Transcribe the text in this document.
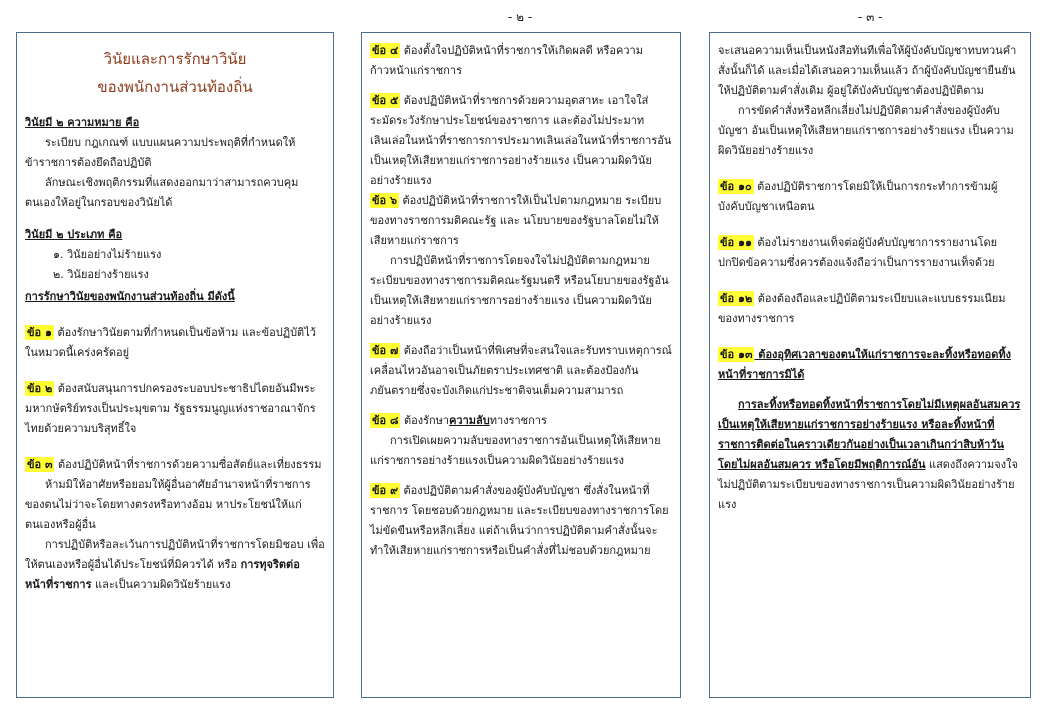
- ๒ -	- ๓ -
วินัยและการรักษาวินัย
ของพนักงานส่วนท้องถิ่น

วินัยมี ๒ ความหมาย คือ

ระเบียบ กฎเกณฑ์ แบบแผนความประพฤติที่กำหนดให้ข้าราชการต้องยึดถือปฏิบัติ

ลักษณะเชิงพฤติกรรมที่แสดงออกมาว่าสามารถควบคุมตนเองให้อยู่ในกรอบของวินัยได้

วินัยมี ๒ ประเภท คือ

๑. วินัยอย่างไม่ร้ายแรง

๒. วินัยอย่างร้ายแรง

การรักษาวินัยของพนักงานส่วนท้องถิ่น มีดังนี้

ข้อ ๑ ต้องรักษาวินัยตามที่กำหนดเป็นข้อห้าม และข้อปฏิบัติไว้ในหมวดนี้เคร่งครัดอยู่

ข้อ ๒ ต้องสนับสนุนการปกครองระบอบประชาธิปไตยอันมีพระมหากษัตริย์ทรงเป็นประมุขตาม รัฐธรรมนูญแห่งราชอาณาจักรไทยด้วยความบริสุทธิ์ใจ

ข้อ ๓ ต้องปฏิบัติหน้าที่ราชการด้วยความซื่อสัตย์และเที่ยงธรรม

ห้ามมิให้อาศัยหรือยอมให้ผู้อื่นอาศัยอำนาจหน้าที่ราชการของตนไม่ว่าจะโดยทางตรงหรือทางอ้อม หาประโยชน์ให้แก่ตนเองหรือผู้อื่น

การปฏิบัติหรือละเว้นการปฏิบัติหน้าที่ราชการโดยมิชอบ เพื่อให้ตนเองหรือผู้อื่นได้ประโยชน์ที่มิควรได้ หรือ การทุจริตต่อหน้าที่ราชการ และเป็นความผิดวินัยร้ายแรง

ข้อ ๔ ต้องตั้งใจปฏิบัติหน้าที่ราชการให้เกิดผลดี หรือความก้าวหน้าแก่ราชการ

ข้อ ๕ ต้องปฏิบัติหน้าที่ราชการด้วยความอุตสาหะ เอาใจใส่ ระมัดระวังรักษาประโยชน์ของราชการ และต้องไม่ประมาทเลินเล่อในหน้าที่ราชการการประมาทเลินเล่อในหน้าที่ราชการอันเป็นเหตุให้เสียหายแก่ราชการอย่างร้ายแรง เป็นความผิดวินัยอย่างร้ายแรง

ข้อ ๖ ต้องปฏิบัติหน้าที่ราชการให้เป็นไปตามกฎหมาย ระเบียบของทางราชการมติคณะรัฐ และ นโยบายของรัฐบาลโดยไม่ให้เสียหายแก่ราชการ

การปฏิบัติหน้าที่ราชการโดยจงใจไม่ปฏิบัติตามกฎหมาย ระเบียบของทางราชการมติคณะรัฐมนตรี หรือนโยบายของรัฐอันเป็นเหตุให้เสียหายแก่ราชการอย่างร้ายแรง เป็นความผิดวินัยอย่างร้ายแรง

ข้อ ๗ ต้องถือว่าเป็นหน้าที่พิเศษที่จะสนใจและรับทราบเหตุการณ์เคลื่อนไหวอันอาจเป็นภัยตราประเทศชาติ และต้องป้องกันภยันตรายซึ่งจะบังเกิดแก่ประชาติจนเต็มความสามารถ

ข้อ ๘ ต้องรักษาความลับทางราชการ

การเปิดเผยความลับของทางราชการอันเป็นเหตุให้เสียหายแก่ราชการอย่างร้ายแรงเป็นความผิดวินัยอย่างร้ายแรง

ข้อ ๙ ต้องปฏิบัติตามคำสั่งของผู้บังคับบัญชา ซึ่งสั่งในหน้าที่ราชการ โดยชอบด้วยกฎหมาย และระเบียบของทางราชการโดยไม่ขัดขืนหรือหลีกเลี่ยง แต่ถ้าเห็นว่าการปฏิบัติตามคำสั่งนั้นจะทำให้เสียหายแก่ราชการหรือเป็นคำสั่งที่ไม่ชอบด้วยกฎหมาย

จะเสนอความเห็นเป็นหนังสือทันทีเพื่อให้ผู้บังคับบัญชาทบทวนคำสั่งนั้นก็ได้ และเมื่อได้เสนอความเห็นแล้ว ถ้าผู้บังคับบัญชายืนยันให้ปฏิบัติตามคำสั่งเดิม ผู้อยู่ใต้บังคับบัญชาต้องปฏิบัติตาม

การขัดคำสั่งหรือหลีกเลี่ยงไม่ปฏิบัติตามคำสั่งของผู้บังคับบัญชา อันเป็นเหตุให้เสียหายแก่ราชการอย่างร้ายแรง เป็นความผิดวินัยอย่างร้ายแรง

ข้อ ๑๐ ต้องปฏิบัติราชการโดยมิให้เป็นการกระทำการข้ามผู้บังคับบัญชาเหนือตน

ข้อ ๑๑ ต้องไม่รายงานเท็จต่อผู้บังคับบัญชาการรายงานโดยปกปิดข้อความซึ่งควรต้องแจ้งถือว่าเป็นการรายงานเท็จด้วย

ข้อ ๑๒ ต้องต้องถือและปฏิบัติตามระเบียบและแบบธรรมเนียมของทางราชการ

ข้อ ๑๓ ต้องอุทิศเวลาของตนให้แก่ราชการจะละทิ้งหรือทอดทิ้งหน้าที่ราชการมิได้

การละทิ้งหรือทอดทิ้งหน้าที่ราชการโดยไม่มีเหตุผลอันสมควร เป็นเหตุให้เสียหายแก่ราชการอย่างร้ายแรง หรือละทิ้งหน้าที่ราชการติดต่อในคราวเดียวกันอย่างเป็นเวลาเกินกว่าสิบห้าวัน โดยไม่ผลอันสมควร หรือโดยมีพฤติการณ์อัน แสดงถึงความจงใจไม่ปฏิบัติตามระเบียบของทางราชการเป็นความผิดวินัยอย่างร้ายแรง
